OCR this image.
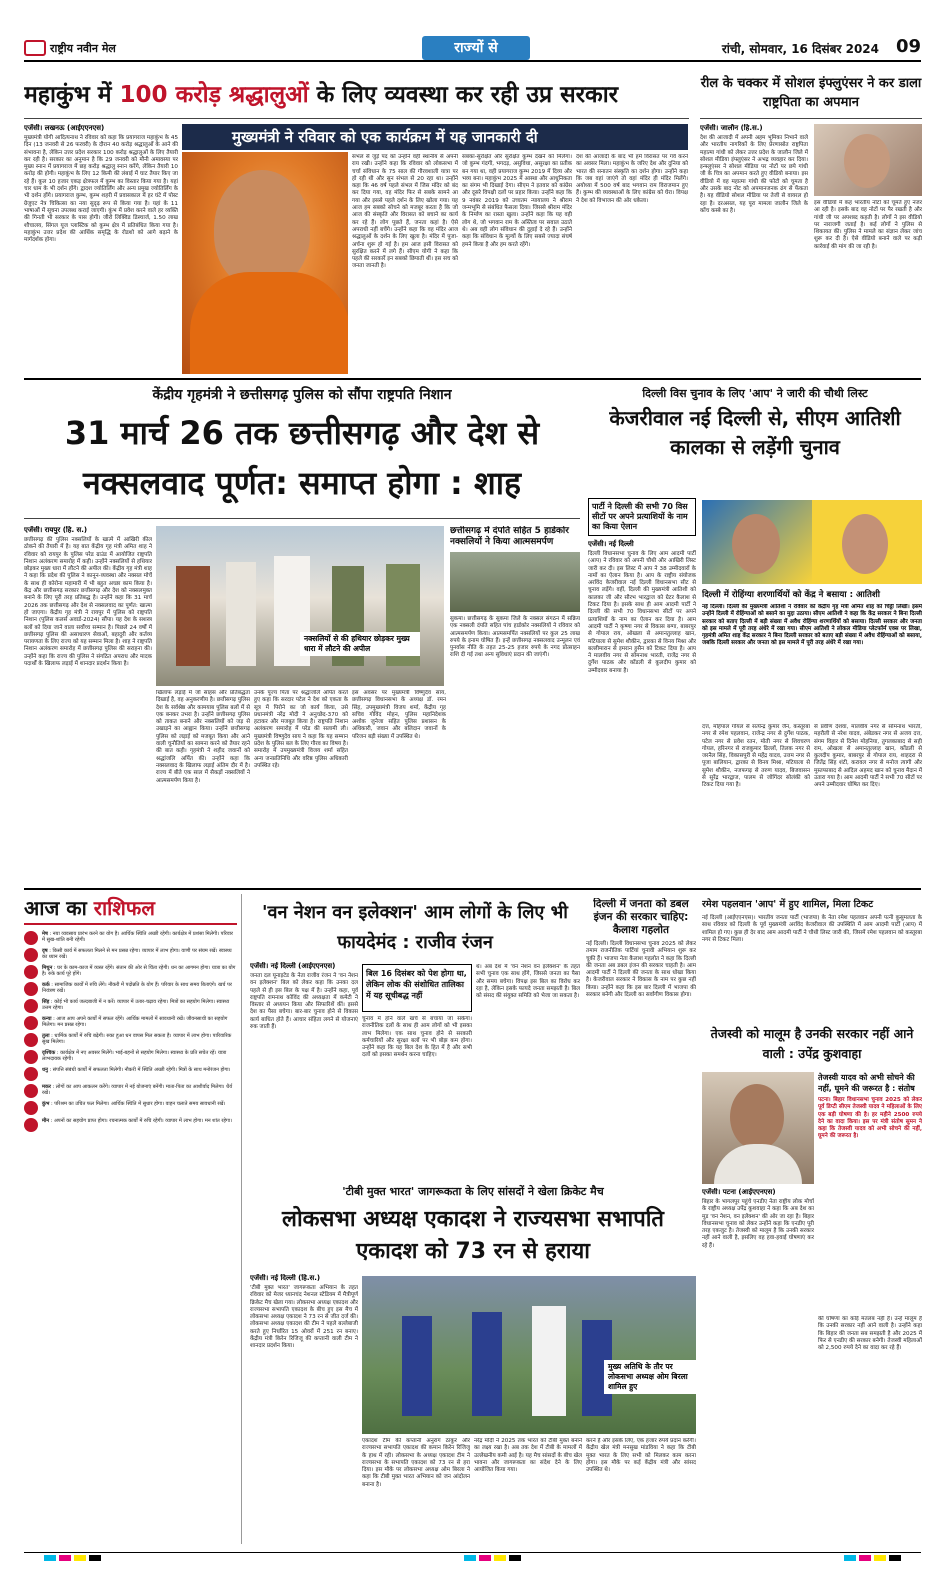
राष्ट्रीय नवीन मेल	राज्यों से	रांची, सोमवार, 16 दिसंबर 2024 09
महाकुंभ में 100 करोड़ श्रद्धालुओं के लिए व्यवस्था कर रही उप्र सरकार
मुख्यमंत्री ने रविवार को एक कार्यक्रम में यह जानकारी दी
एजेंसी। लखनऊ (आईएएनएस)
मुख्यमंत्री योगी आदित्यनाथ ने रविवार को कहा कि प्रयागराज महाकुंभ के 45 दिन (13 जनवरी से 26 फरवरी) के दौरान 40 करोड़ श्रद्धालुओं के आने की संभावना है, लेकिन उत्तर प्रदेश सरकार 100 करोड़ श्रद्धालुओं के लिए तैयारी कर रही है। सरकार का अनुमान है कि 29 जनवरी को मौनी अमावस्या पर मुख्य स्नान में प्रयागराज में छह करोड़ श्रद्धालु स्नान करेंगे, लेकिन तैयारी 10 करोड़ की होगी। महाकुंभ के लिए 12 किमी की लंबाई में घाट तैयार किए जा रहे हैं। कुल 10 हजार एकड़ क्षेत्रफल में कुम्भ का विस्तार किया गया है। यहां चार धाम के भी दर्शन होंगे। द्वादश ज्योतिर्लिंग और अन्य प्रमुख ज्योतिर्लिंग के भी दर्शन होंगे। प्रयागराज कुम्भ, कुम्भ शहरी में प्रवासकाल में हर घंटे में पोस्ट ग्रेजुएट नेत्र चिकित्सा का नया सुदृढ़ रूप से किया गया है। यहां के 11 भाषाओं में सूचना उपलब्ध कराई जाएगी। कुंभ में प्रवेश करने वाले हर व्यक्ति की गिनती भी सरकार के पास होगी। जीरो लिक्विड डिस्चार्ज, 1.50 लाख शौचालय, सिंगल यूज प्लास्टिक को कुम्भ क्षेत्र में प्रतिबंधित किया गया है। महाकुंभ उत्तर प्रदेश की आर्थिक समृद्धि के रोडशो को आगे बढ़ाने के मार्गदर्शक होगा।
संभल से जुड़े पद को उन्होंने वहीं स्थानीय से अपनी राय रखी। उन्होंने कहा कि रविवार को लोकसभा में चर्चा संविधान के 75 साल की गौरवशाली यात्रा पर हो रही थी और सुन संभल से 20 रहा था। उन्होंने कहा कि 46 वर्ष पहले संभल में जिस मंदिर को बंद कर दिया गया, वह मंदिर फिर से सबके सामने आ गया और इससे पहले दर्शन के लिए खोला गया। यह आज हम सबको सोचने को मजबूर करता है कि जो आज की संस्कृति और विरासत को बचाने का कार्य कर रहे हैं। लोग पूछते हैं, जनता कहां है। ऐसे अपराधी नहीं बचेंगे। उन्होंने कहा कि वह मंदिर आज श्रद्धालुओं के दर्शन के लिए खुला है। मंदिर में पूजा-अर्चना शुरू हो गई है। हम आज इसी विरासत को सुरक्षित करने में लगे हैं। सीएम योगी ने कहा कि पहले की सरकारें इन सबको छिपाती थीं। इस सच को जनता जानती है।
सबका-सुरक्षित और सुरक्षित कुम्भ देखने को मिलेगा। जो कुम्भ गंदगी, भगदड़, असुविधा, असुरक्षा का प्रतीक बन गया था, वही प्रयागराज कुम्भ 2019 में दिव्य और भव्य बना। महाकुंभ 2025 में आस्था और आधुनिकता का संगम भी दिखाई देगा। सीएम ने इतवार को कांग्रेस और दूसरे विपक्षी दलों पर प्रहार किया। उन्होंने कहा कि 9 नवंबर 2019 को उच्चतम न्यायालय ने श्रीराम जन्मभूमि से संबंधित फैसला दिया। जिससे श्रीराम मंदिर के निर्माण का रास्ता खुला। उन्होंने कहा कि यह वही लोग थे, जो भगवान राम के अस्तित्व पर सवाल उठाते थे। अब वही लोग संविधान की दुहाई दे रहे हैं। उन्होंने कहा कि संविधान के मूल्यों के लिए सबसे ज्यादा संघर्ष हमने किया है और हम करते रहेंगे।
देश की आजादी के बाद भी हमें विरासत पर गर्व करने का अवसर मिला। महाकुंभ के जरिए देश और दुनिया को भारत की सनातन संस्कृति का दर्शन होगा। उन्होंने कहा कि जब वहां जाएंगे तो वहां मंदिर ही मंदिर मिलेंगे। अयोध्या में 500 वर्ष बाद भगवान राम विराजमान हुए हैं। कुम्भ की व्यवस्थाओं के लिए कांग्रेस को घेरा। विपक्ष ने देश को विभाजन की ओर धकेला।
रील के चक्कर में सोशल इंफ्लुएंसर ने कर डाला राष्ट्रपिता का अपमान
एजेंसी। जालौन (हि.स.)
देश की आजादी में अपनी अहम भूमिका निभाने वाले और भारतीय नागरिकों के लिए प्रेरणास्रोत राष्ट्रपिता महात्मा गांधी को लेकर उत्तर प्रदेश के जालौन जिले में सोशल मीडिया इंफ्लुएंसर ने अभद्र व्यवहार कर दिया। इन्फ्लुएंसर ने सोशल मीडिया पर नोटों पर छपे गांधी जी के चित्र का अपमान करते हुए वीडियो बनाया। इस वीडियो में वह महात्मा गांधी की फोटो को चूमता है और उसके बाद नोट को अपमानजनक ढंग से फेंकता है। यह वीडियो सोशल मीडिया पर तेजी से वायरल हो रहा है। दरअसल, यह पूरा मामला जालौन जिले के कोंच कस्बे का है।
इस वीडियो में कह भारतीय नोटों को चूमते हुए नजर आ रही है। इसके बाद वह नोटों पर पैर रखती है और गांधी जी पर अपशब्द कहती है। लोगों ने इस वीडियो पर नाराजगी जताई है। कई लोगों ने पुलिस से शिकायत की। पुलिस ने मामले का संज्ञान लेकर जांच शुरू कर दी है। ऐसे वीडियो बनाने वाले पर कड़ी कार्रवाई की मांग की जा रही है।
केंद्रीय गृहमंत्री ने छत्तीसगढ़ पुलिस को सौंपा राष्ट्रपति निशान
31 मार्च 26 तक छत्तीसगढ़ और देश से नक्सलवाद पूर्णत: समाप्त होगा : शाह
एजेंसी। रायपुर (हि. स.)
छत्तीसगढ़ की पुलिस नक्सलियों के खात्मे में आखिरी कील ठोकने की तैयारी में है। यह बात केंद्रीय गृह मंत्री अमित शाह ने रविवार को रायपुर के पुलिस परेड ग्राउंड में आयोजित राष्ट्रपति निशान अलंकरण समारोह में कही। उन्होंने नक्सलियों से हथियार छोड़कर मुख्य धारा में लौटने की अपील की। केंद्रीय गृह मंत्री शाह ने कहा कि प्रदेश की पुलिस ने कानून-व्यवस्था और नक्सल मोर्चे के साथ ही कोरोना महामारी में भी बहुत अच्छा काम किया है। केंद्र और छत्तीसगढ़ सरकार छत्तीसगढ़ और देश को नक्सलमुक्त बनाने के लिए पूरी तरह प्रतिबद्ध है। उन्होंने कहा कि 31 मार्च 2026 तक छत्तीसगढ़ और देश से नक्सलवाद का पूर्णत: खात्मा हो जाएगा। केंद्रीय गृह मंत्री ने रायपुर में पुलिस को राष्ट्रपति निशान (पुलिस कलर्स अवार्ड-2024) सौंपा। यह देश के सशस्त्र बलों को दिया जाने वाला सर्वोच्च सम्मान है। पिछले 24 वर्षों में छत्तीसगढ़ पुलिस की असाधारण सेवाओं, बहादुरी और कर्तव्य परायणता के लिए राज्य को यह सम्मान मिला है। शाह ने राष्ट्रपति निशान अलंकरण समारोह में छत्तीसगढ़ पुलिस की सराहना की। उन्होंने कहा कि राज्य की पुलिस ने संगठित अपराध और मादक पदार्थों के खिलाफ लड़ाई में शानदार प्रदर्शन किया है।
नक्सलियों से की हथियार छोड़कर मुख्य धारा में लौटने की अपील
छत्तीसगढ़ में दंपति सहित 5 हार्डकोर नक्सलियों ने किया आत्मसमर्पण
सुकमा। छत्तीसगढ़ के सुकमा जिले के नक्सल संगठन में सक्रिय एक नक्सली दंपति सहित पांच हार्डकोर नक्सलियों ने रविवार को आत्मसमर्पण किया। आत्मसमर्पित नक्सलियों पर कुल 25 लाख रुपये के इनाम घोषित हैं। इन्हें छत्तीसगढ़ नक्सलवाद उन्मूलन एवं पुनर्वास नीति के तहत 25-25 हजार रुपये के नगद प्रोत्साहन राशि दी गई तथा अन्य सुविधाएं प्रदान की जाएंगी।
खिलाफ लड़ाई में जो साहस और प्रतिबद्धता दिखाई है, वह अनुकरणीय है। छत्तीसगढ़ पुलिस देश के सर्वश्रेष्ठ और कामयाब पुलिस बलों में से एक बनकर उभरा है। उन्होंने छत्तीसगढ़ पुलिस को ताकत बनाने और नक्सलियों को जड़ से उखाड़ने का आह्वान किया। उन्होंने छत्तीसगढ़ पुलिस को लड़ाई को मजबूत किया और आने वाली चुनौतियों का सामना करने को तैयार रहने की बात कही। गृहमंत्री ने शहीद जवानों को श्रद्धांजलि अर्पित की। उन्होंने कहा कि नक्सलवाद के खिलाफ लड़ाई अंतिम दौर में है। राज्य में बीते एक साल में सैकड़ों नक्सलियों ने आत्मसमर्पण किया है।
उनके पूज्य पिता पर श्रद्धांजलि अर्पित करते हुए कहा कि सरदार पटेल ने देश को एकता के सूत्र में पिरोने का जो कार्य किया, उसे प्रधानमंत्री नरेंद्र मोदी ने अनुच्छेद-370 को हटाकर और मजबूत किया है। राष्ट्रपति निशान अलंकरण समारोह में परेड की सलामी ली। मुख्यमंत्री विष्णुदेव साय ने कहा कि यह सम्मान प्रदेश के पुलिस बल के लिए गौरव का विषय है। समारोह में उपमुख्यमंत्री विजय शर्मा सहित अन्य जनप्रतिनिधि और वरिष्ठ पुलिस अधिकारी उपस्थित रहे।
इस अवसर पर मुख्यमंत्री विष्णुदेव साय, छत्तीसगढ़ विधानसभा के अध्यक्ष डॉ. रमन सिंह, उपमुख्यमंत्री विजय शर्मा, केंद्रीय गृह सचिव गोविंद मोहन, पुलिस महानिदेशक अशोक जुनेजा सहित पुलिस प्रशासन के अधिकारी, जवान और बलिदान जवानों के परिजन बड़ी संख्या में उपस्थित थे।
दिल्ली विस चुनाव के लिए 'आप' ने जारी की चौथी लिस्ट
केजरीवाल नई दिल्ली से, सीएम आतिशी कालका से लड़ेंगी चुनाव
पार्टी ने दिल्ली की सभी 70 विस सीटों पर अपने प्रत्याशियों के नाम का किया ऐलान
एजेंसी। नई दिल्ली
दिल्ली विधानसभा चुनाव के लिए आम आदमी पार्टी (आप) ने रविवार को अपनी चौथी और आखिरी लिस्ट जारी कर दी। इस लिस्ट में आप ने 38 उम्मीदवारों के नामों का ऐलान किया है। आप के राष्ट्रीय संयोजक अरविंद केजरीवाल नई दिल्ली विधानसभा सीट से चुनाव लड़ेंगे। वहीं, दिल्ली की मुख्यमंत्री आतिशी को कालका जी और सौरभ भारद्वाज को ग्रेटर कैलाश से टिकट दिया है। इसके साथ ही आम आदमी पार्टी ने दिल्ली की सभी 70 विधानसभा सीटों पर अपने प्रत्याशियों के नाम का ऐलान कर दिया है। आम आदमी पार्टी ने कृष्णा नगर से विकास बग्गा, बाबरपुर से गोपाल राय, ओखला से अमानतुल्लाह खान, मटियाला से सुमेश शौकीन, द्वारका से विनय मिश्रा और बल्लीमारान से इमरान हुसैन को टिकट दिया है। आप ने मालवीय नगर से सोमनाथ भारती, राजेंद्र नगर से दुर्गेश पाठक और कोंडली से कुलदीप कुमार को उम्मीदवार बनाया है।
दिल्ली में रोहिंग्या शरणार्थियों को केंद्र ने बसाया : आतिशी
नई दिल्ली। दिल्ली की मुख्यमंत्री आतिशी ने रविवार को केंद्रीय गृह मंत्री अमित शाह को चिट्ठी लिखी। इसमें उन्होंने दिल्ली में रोहिंग्याओं को बसाने का मुद्दा उठाया। सीएम आतिशी ने कहा कि केंद्र सरकार ने बिना दिल्ली सरकार को बताए दिल्ली में बड़ी संख्या में अवैध रोहिंग्या शरणार्थियों को बसाया। दिल्ली सरकार और जनता को इस मामले में पूरी तरह अंधेरे में रखा गया। सीएम आतिशी ने लोकल मीडिया प्लेटफॉर्म एक्स पर लिखा, गृहमंत्री अमित शाह केंद्र सरकार ने बिना दिल्ली सरकार को बताए बड़ी संख्या में अवैध रोहिंग्याओं को बसाया, जबकि दिल्ली सरकार और जनता को इस मामले में पूरी तरह अंधेरे में रखा गया।
दत्त, महिपाल गोयल से सत्येन्द्र कुमार जैन, कस्तूरबा नगर से रमेश पहलवान, राजेन्द्र नगर से दुर्गेश पाठक, पटेल नगर से प्रवेश रतन, मोती नगर से शिवचरण गोयल, हरिनगर से राजकुमार ढिल्लों, तिलक नगर से जरनैल सिंह, विकासपुरी से महेंद्र यादव, उत्तम नगर से पूजा बालियान, द्वारका से विनय मिश्रा, मटियाला से सुमेश शौकीन, नजफगढ़ से तरुण यादव, बिजवासन से सुरेंद्र भारद्वाज, पालम से जोगिंदर सोलंकी को टिकट दिया गया है।
से प्रवीण देशवा, मालवीय नगर से सोमनाथ भारती, महरौली से नरेश यादव, अंबेडकर नगर से अजय दत्त, संगम विहार से दिनेश मोहनिया, तुगलकाबाद से सही राम, ओखला से अमानतुल्लाह खान, कोंडली से कुलदीप कुमार, बाबरपुर से गोपाल राय, शाहदरा से जितेंद्र सिंह शंटी, करावल नगर से मनोज त्यागी और मुस्तफाबाद से आदिल अहमद खान को चुनाव मैदान में उतारा गया है। आम आदमी पार्टी ने सभी 70 सीटों पर अपने उम्मीदवार घोषित कर दिए।
आज का राशिफल
मेष : नया व्यवसाय प्रारंभ करने का योग है। आर्थिक स्थिति अच्छी रहेगी। कार्यक्षेत्र में प्रशंसा मिलेगी। परिवार में सुख-शांति बनी रहेगी।
वृष : किसी कार्य में सफलता मिलने से मन प्रसन्न रहेगा। व्यापार में लाभ होगा। वाणी पर संयम रखें। स्वास्थ्य का ध्यान रखें।
मिथुन : घर के काम-काज में व्यस्त रहेंगे। संतान की ओर से चिंता रहेगी। धन का आगमन होगा। यात्रा का योग है। रुके कार्य पूरे होंगे।
कर्क : सामाजिक कार्यों में रुचि लेंगे। नौकरी में पदोन्नति के योग हैं। परिवार के साथ समय बिताएंगे। खर्च पर नियंत्रण रखें।
सिंह : कोई भी कार्य जल्दबाजी में न करें। व्यापार में उतार-चढ़ाव रहेगा। मित्रों का सहयोग मिलेगा। स्वास्थ्य उत्तम रहेगा।
कन्या : आज आप अपने कार्यों में सफल रहेंगे। आर्थिक मामलों में सावधानी रखें। जीवनसाथी का सहयोग मिलेगा। मन प्रसन्न रहेगा।
तुला : धार्मिक कार्यों में रुचि बढ़ेगी। रुका हुआ धन वापस मिल सकता है। व्यापार में लाभ होगा। पारिवारिक सुख मिलेगा।
वृश्चिक : कार्यक्षेत्र में नए अवसर मिलेंगे। भाई-बहनों से सहयोग मिलेगा। स्वास्थ्य के प्रति सचेत रहें। यात्रा लाभदायक रहेगी।
धनु : संपत्ति संबंधी कार्यों में सफलता मिलेगी। नौकरी में स्थिति अच्छी रहेगी। मित्रों के साथ मनोरंजन होगा।
मकर : लोगों का आप आकलन करेंगे। व्यापार में नई योजनाएं बनेंगी। माता-पिता का आशीर्वाद मिलेगा। धैर्य रखें।
कुंभ : परिश्रम का उचित फल मिलेगा। आर्थिक स्थिति में सुधार होगा। वाहन चलाते समय सावधानी रखें।
मीन : अपनों का सहयोग प्राप्त होगा। रचनात्मक कार्यों में रुचि रहेगी। व्यापार में लाभ होगा। मन शांत रहेगा।
'वन नेशन वन इलेक्शन' आम लोगों के लिए भी फायदेमंद : राजीव रंजन
एजेंसी। नई दिल्ली (आईएएनएस)
जनता दल यूनाइटेड के नेता राजीव रंजन ने 'वन नेशन वन इलेक्शन' बिल को लेकर कहा कि उनका दल पहले से ही इस बिल के पक्ष में है। उन्होंने कहा, पूर्व राष्ट्रपति रामनाथ कोविंद की अध्यक्षता में कमेटी ने विस्तार से अध्ययन किया और सिफारिशें कीं। इससे देश का पैसा बचेगा। बार-बार चुनाव होने से विकास कार्य बाधित होते हैं। आचार संहिता लगने से योजनाएं रुक जाती हैं।
बिल 16 दिसंबर को पेश होगा था, लेकिन लोक की संशोधित तालिका में यह सूचीबद्ध नहीं
चुनाव में होने वाले खर्च से बचाया जा सकेगा। राजनीतिक दलों के साथ ही आम लोगों को भी इसका लाभ मिलेगा। एक साथ चुनाव होने से सरकारी कर्मचारियों और सुरक्षा बलों पर भी बोझ कम होगा। उन्होंने कहा कि यह बिल देश के हित में है और सभी दलों को इसका समर्थन करना चाहिए।
थे। अब देश में 'वन नेशन वन इलेक्शन' के तहत सभी चुनाव एक साथ होंगे, जिससे जनता का पैसा और समय बचेगा। विपक्ष इस बिल का विरोध कर रहा है, लेकिन इसके फायदे जनता समझती है। बिल को संसद की संयुक्त समिति को भेजा जा सकता है।
दिल्ली में जनता को डबल इंजन की सरकार चाहिए: कैलाश गहलोत
नई दिल्ली। दिल्ली विधानसभा चुनाव 2025 को लेकर तमाम राजनीतिक पार्टियां चुनावी अभियान शुरू कर चुकी हैं। भाजपा नेता कैलाश गहलोत ने कहा कि दिल्ली की जनता अब डबल इंजन की सरकार चाहती है। आम आदमी पार्टी ने दिल्ली की जनता के साथ धोखा किया है। केजरीवाल सरकार ने विकास के नाम पर कुछ नहीं किया। उन्होंने कहा कि इस बार दिल्ली में भाजपा की सरकार बनेगी और दिल्ली का सर्वांगीण विकास होगा।
रमेश पहलवान 'आप' में हुए शामिल, मिला टिकट
नई दिल्ली (आईएएनएस)। भारतीय जनता पार्टी (भाजपा) के नेता रमेश पहलवान अपनी पत्नी कुसुमलता के साथ रविवार को दिल्ली के पूर्व मुख्यमंत्री अरविंद केजरीवाल की उपस्थिति में आम आदमी पार्टी (आप) में शामिल हो गए। कुछ ही देर बाद आम आदमी पार्टी ने चौथी लिस्ट जारी की, जिसमें रमेश पहलवान को कस्तूरबा नगर से टिकट मिला।
तेजस्वी को मालूम है उनकी सरकार नहीं आने वाली : उपेंद्र कुशवाहा
तेजस्वी यादव को अभी सोचने की नहीं, घूमने की जरूरत है : संतोष
पटना। बिहार विधानसभा चुनाव 2025 को लेकर पूर्व डिप्टी सीएम तेजस्वी यादव ने महिलाओं के लिए एक बड़ी घोषणा की है। हर महीने 2500 रुपये देने का वादा किया। इस पर मंत्री संतोष सुमन ने कहा कि तेजस्वी यादव को अभी सोचने की नहीं, घूमने की जरूरत है।
एजेंसी। पटना (आईएएनएस)
बिहार के भागलपुर पहुंचे एनडीए नेता राष्ट्रीय लोक मोर्चा के राष्ट्रीय अध्यक्ष उपेंद्र कुशवाहा ने कहा कि अब देश का मूड 'वन नेशन, वन इलेक्शन' की ओर जा रहा है। बिहार विधानसभा चुनाव को लेकर उन्होंने कहा कि एनडीए पूरी तरह एकजुट है। तेजस्वी को मालूम है कि उनकी सरकार नहीं आने वाली है, इसलिए वह हवा-हवाई घोषणाएं कर रहे हैं।
की घोषणा का कोई मतलब नहीं है। उन्हें मालूम है कि उनकी सरकार नहीं आने वाली है। उन्होंने कहा कि बिहार की जनता सब समझती है और 2025 में फिर से एनडीए की सरकार बनेगी। तेजस्वी महिलाओं को 2,500 रुपये देने का वादा कर रहे हैं।
'टीबी मुक्त भारत' जागरूकता के लिए सांसदों ने खेला क्रिकेट मैच
लोकसभा अध्यक्ष एकादश ने राज्यसभा सभापति एकादश को 73 रन से हराया
एजेंसी। नई दिल्ली (हि.स.)
'टीबी मुक्त भारत' जागरूकता अभियान के तहत रविवार को मेजर ध्यानचंद नेशनल स्टेडियम में मैत्रीपूर्ण क्रिकेट मैच खेला गया। लोकसभा अध्यक्ष एकादश और राज्यसभा सभापति एकादश के बीच हुए इस मैच में लोकसभा अध्यक्ष एकादश ने 73 रन से जीत दर्ज की। लोकसभा अध्यक्ष एकादश की टीम ने पहले बल्लेबाजी करते हुए निर्धारित 15 ओवरों में 251 रन बनाए। केंद्रीय मंत्री किरेन रिजिजू की कप्तानी वाली टीम ने शानदार प्रदर्शन किया।
मुख्य अतिथि के तौर पर लोकसभा अध्यक्ष ओम बिरला शामिल हुए
एकादश टीम की कप्तानी अनुराग ठाकुर और राज्यसभा सभापति एकादश की कमान किरेन रिजिजू के हाथ में रही। लोकसभा के अध्यक्ष एकादश टीम ने राज्यसभा के सभापति एकादश को 73 रन से हरा दिया। इस मौके पर लोकसभा अध्यक्ष ओम बिरला ने कहा कि टीबी मुक्त भारत अभियान को जन आंदोलन बनाना है।
नरेंद्र मोदी ने 2025 तक भारत को टीबी मुक्त बनाने का लक्ष्य रखा है। अब तक देश में टीबी के मामलों में उल्लेखनीय कमी आई है। यह मैच सांसदों के बीच खेल भावना और जागरूकता का संदेश देने के लिए आयोजित किया गया।
करने है और इसके लिए, एक हजार रुपये प्रदान करेगी। केंद्रीय खेल मंत्री मनसुख मांडविया ने कहा कि टीबी मुक्त भारत के लिए सभी को मिलकर काम करना होगा। इस मौके पर कई केंद्रीय मंत्री और सांसद उपस्थित थे।
